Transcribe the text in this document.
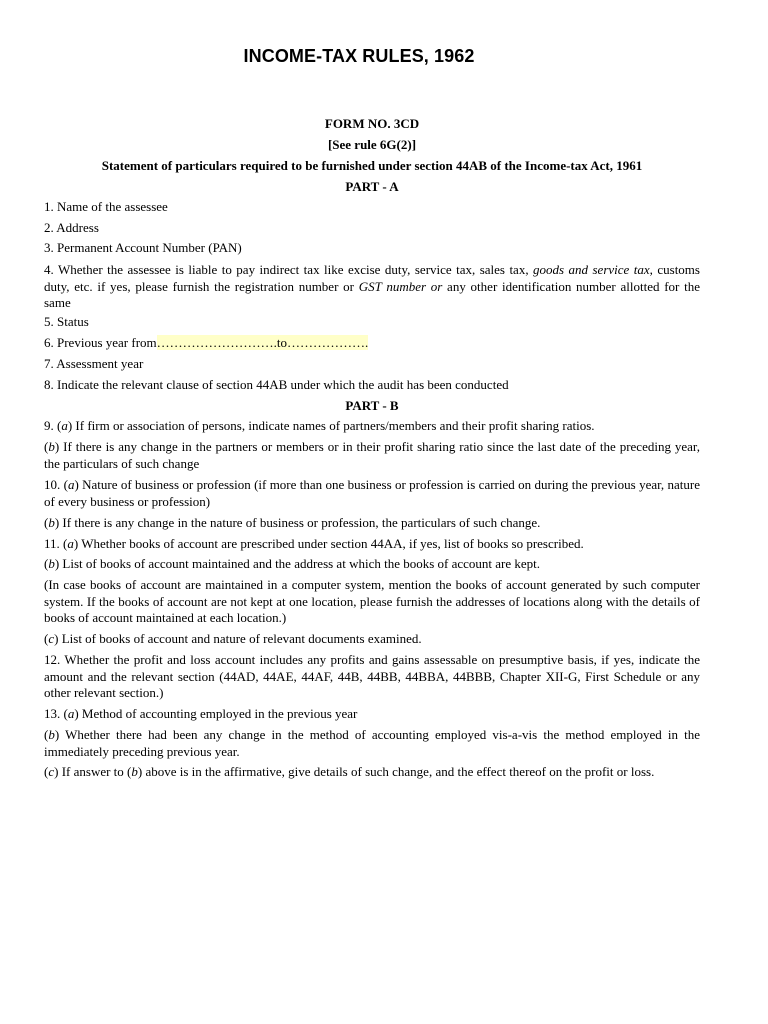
INCOME-TAX RULES, 1962

FORM NO. 3CD

[See rule 6G(2)]

Statement of particulars required to be furnished under section 44AB of the Income-tax Act, 1961

PART - A

1. Name of the assessee

2. Address

3. Permanent Account Number (PAN)

4. Whether the assessee is liable to pay indirect tax like excise duty, service tax, sales tax, goods and service tax, customs duty, etc. if yes, please furnish the registration number or GST number or any other identification number allotted for the same

5. Status

6. Previous year from……………………….to……………….

7. Assessment year

8. Indicate the relevant clause of section 44AB under which the audit has been conducted

PART - B

9. (a) If firm or association of persons, indicate names of partners/members and their profit sharing ratios.

(b) If there is any change in the partners or members or in their profit sharing ratio since the last date of the preceding year, the particulars of such change

10. (a) Nature of business or profession (if more than one business or profession is carried on during the previous year, nature of every business or profession)

(b) If there is any change in the nature of business or profession, the particulars of such change.

11. (a) Whether books of account are prescribed under section 44AA, if yes, list of books so prescribed.

(b) List of books of account maintained and the address at which the books of account are kept.

(In case books of account are maintained in a computer system, mention the books of account generated by such computer system. If the books of account are not kept at one location, please furnish the addresses of locations along with the details of books of account maintained at each location.)

(c) List of books of account and nature of relevant documents examined.

12. Whether the profit and loss account includes any profits and gains assessable on presumptive basis, if yes, indicate the amount and the relevant section (44AD, 44AE, 44AF, 44B, 44BB, 44BBA, 44BBB, Chapter XII-G, First Schedule or any other relevant section.)

13. (a) Method of accounting employed in the previous year

(b) Whether there had been any change in the method of accounting employed vis-a-vis the method employed in the immediately preceding previous year.

(c) If answer to (b) above is in the affirmative, give details of such change, and the effect thereof on the profit or loss.
